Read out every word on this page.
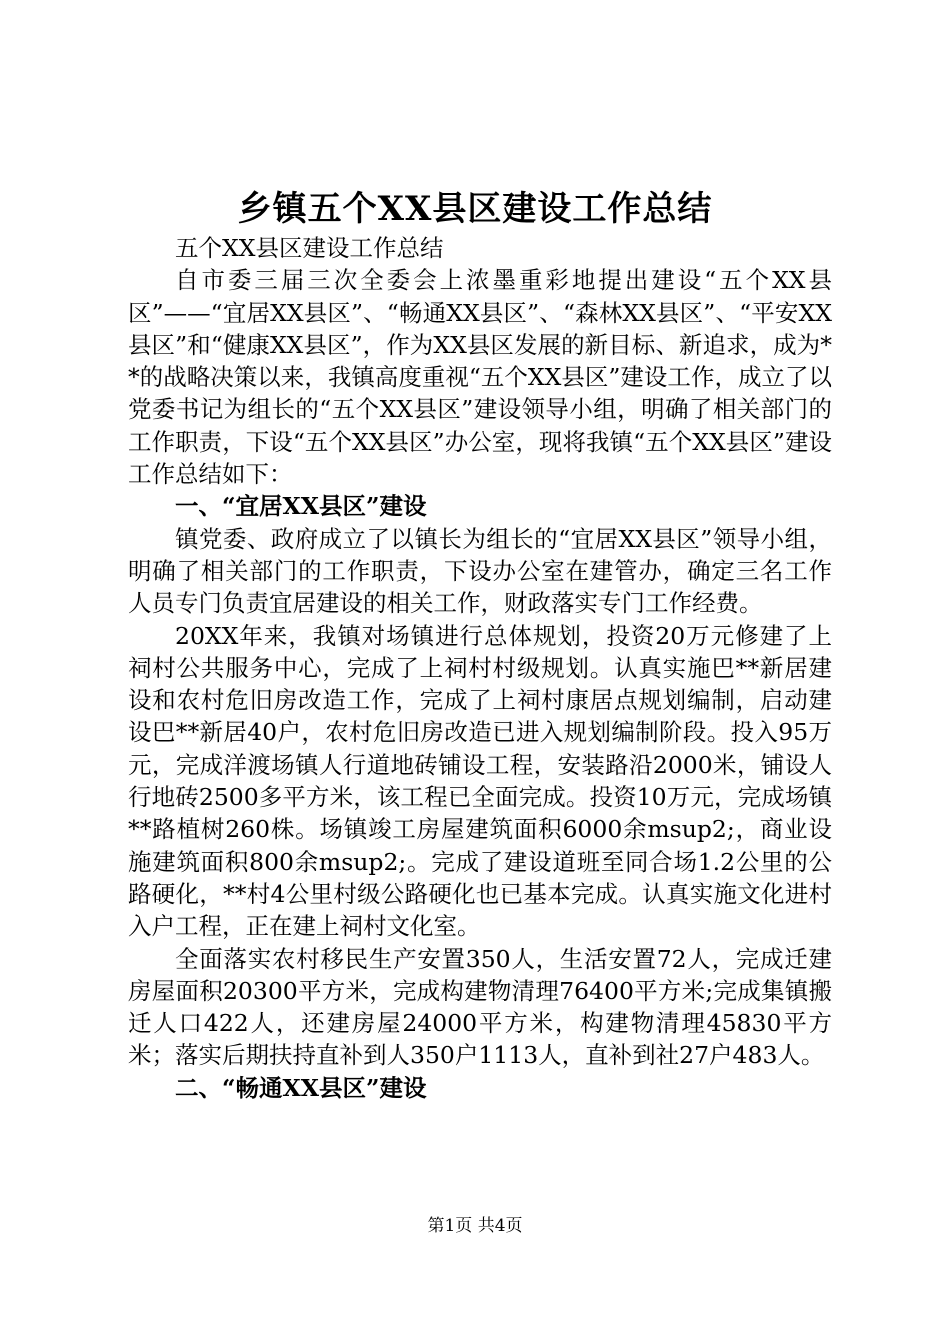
乡镇五个XX县区建设工作总结

五个XX县区建设工作总结

自市委三届三次全委会上浓墨重彩地提出建设“五个XX县区”——“宜居XX县区”、“畅通XX县区”、“森林XX县区”、“平安XX县区”和“健康XX县区”，作为XX县区发展的新目标、新追求，成为**的战略决策以来，我镇高度重视“五个XX县区”建设工作，成立了以党委书记为组长的“五个XX县区”建设领导小组，明确了相关部门的工作职责，下设“五个XX县区”办公室，现将我镇“五个XX县区”建设工作总结如下：

一、“宜居XX县区”建设

镇党委、政府成立了以镇长为组长的“宜居XX县区”领导小组，明确了相关部门的工作职责，下设办公室在建管办，确定三名工作人员专门负责宜居建设的相关工作，财政落实专门工作经费。

20XX年来，我镇对场镇进行总体规划，投资20万元修建了上祠村公共服务中心，完成了上祠村村级规划。认真实施巴**新居建设和农村危旧房改造工作，完成了上祠村康居点规划编制，启动建设巴**新居40户，农村危旧房改造已进入规划编制阶段。投入95万元，完成洋渡场镇人行道地砖铺设工程，安装路沿2000米，铺设人行地砖2500多平方米，该工程已全面完成。投资10万元，完成场镇**路植树260株。场镇竣工房屋建筑面积6000余msup2;，商业设施建筑面积800余msup2;。完成了建设道班至同合场1.2公里的公路硬化，**村4公里村级公路硬化也已基本完成。认真实施文化进村入户工程，正在建上祠村文化室。

全面落实农村移民生产安置350人，生活安置72人，完成迁建房屋面积20300平方米，完成构建物清理76400平方米;完成集镇搬迁人口422人，还建房屋24000平方米，构建物清理45830平方米；落实后期扶持直补到人350户1113人，直补到社27户483人。

二、“畅通XX县区”建设

第1页 共4页
